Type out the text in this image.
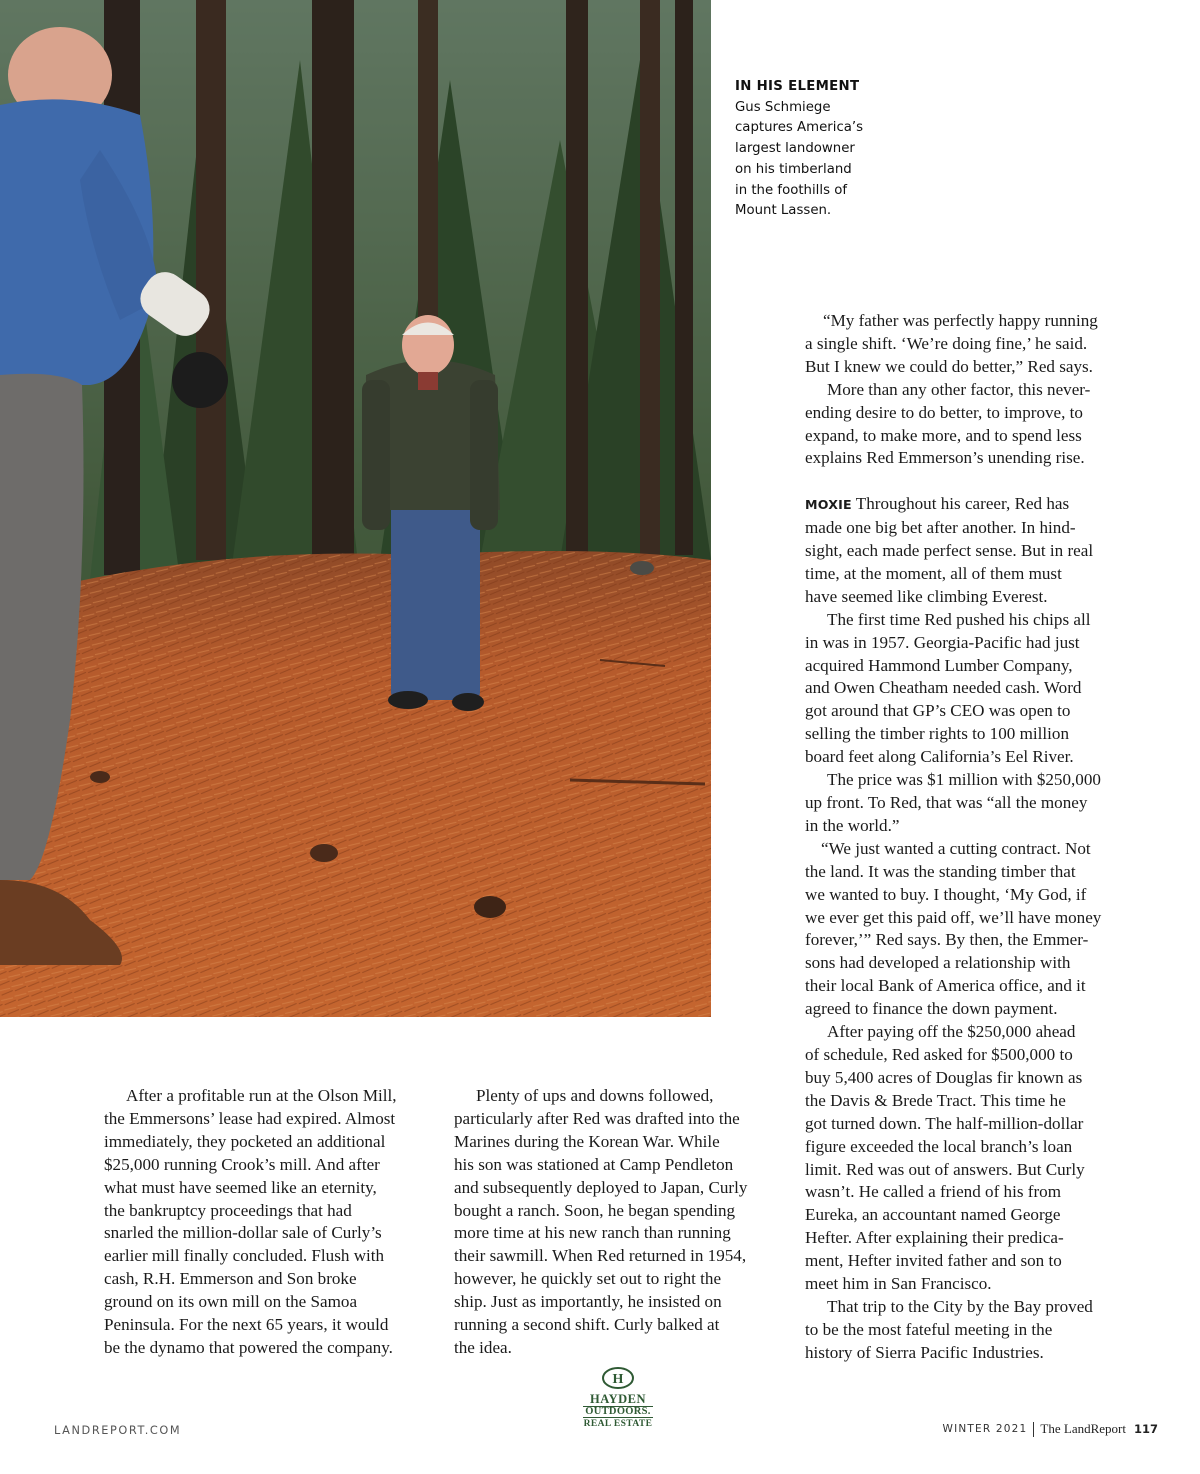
IN HIS ELEMENT
Gus Schmiege
captures America’s
largest landowner
on his timberland
in the foothills of
Mount Lassen.
After a profitable run at the Olson Mill,
the Emmersons’ lease had expired. Almost
immediately, they pocketed an additional
$25,000 running Crook’s mill. And after
what must have seemed like an eternity,
the bankruptcy proceedings that had
snarled the million-dollar sale of Curly’s
earlier mill finally concluded. Flush with
cash, R.H. Emmerson and Son broke
ground on its own mill on the Samoa
Peninsula. For the next 65 years, it would
be the dynamo that powered the company.
Plenty of ups and downs followed,
particularly after Red was drafted into the
Marines during the Korean War. While
his son was stationed at Camp Pendleton
and subsequently deployed to Japan, Curly
bought a ranch. Soon, he began spending
more time at his new ranch than running
their sawmill. When Red returned in 1954,
however, he quickly set out to right the
ship. Just as importantly, he insisted on
running a second shift. Curly balked at
the idea.
“My father was perfectly happy running
a single shift. ‘We’re doing fine,’ he said.
But I knew we could do better,” Red says.
More than any other factor, this never-
ending desire to do better, to improve, to
expand, to make more, and to spend less
explains Red Emmerson’s unending rise.
MOXIE Throughout his career, Red has
made one big bet after another. In hind-
sight, each made perfect sense. But in real
time, at the moment, all of them must
have seemed like climbing Everest.
The first time Red pushed his chips all
in was in 1957. Georgia-Pacific had just
acquired Hammond Lumber Company,
and Owen Cheatham needed cash. Word
got around that GP’s CEO was open to
selling the timber rights to 100 million
board feet along California’s Eel River.
The price was $1 million with $250,000
up front. To Red, that was “all the money
in the world.”
“We just wanted a cutting contract. Not
the land. It was the standing timber that
we wanted to buy. I thought, ‘My God, if
we ever get this paid off, we’ll have money
forever,’” Red says. By then, the Emmer-
sons had developed a relationship with
their local Bank of America office, and it
agreed to finance the down payment.
After paying off the $250,000 ahead
of schedule, Red asked for $500,000 to
buy 5,400 acres of Douglas fir known as
the Davis & Brede Tract. This time he
got turned down. The half-million-dollar
figure exceeded the local branch’s loan
limit. Red was out of answers. But Curly
wasn’t. He called a friend of his from
Eureka, an accountant named George
Hefter. After explaining their predica-
ment, Hefter invited father and son to
meet him in San Francisco.
That trip to the City by the Bay proved
to be the most fateful meeting in the
history of Sierra Pacific Industries.
LANDREPORT.COM
H
HAYDEN
OUTDOORS.
REAL ESTATE	WINTER 2021 The LandReport 117
